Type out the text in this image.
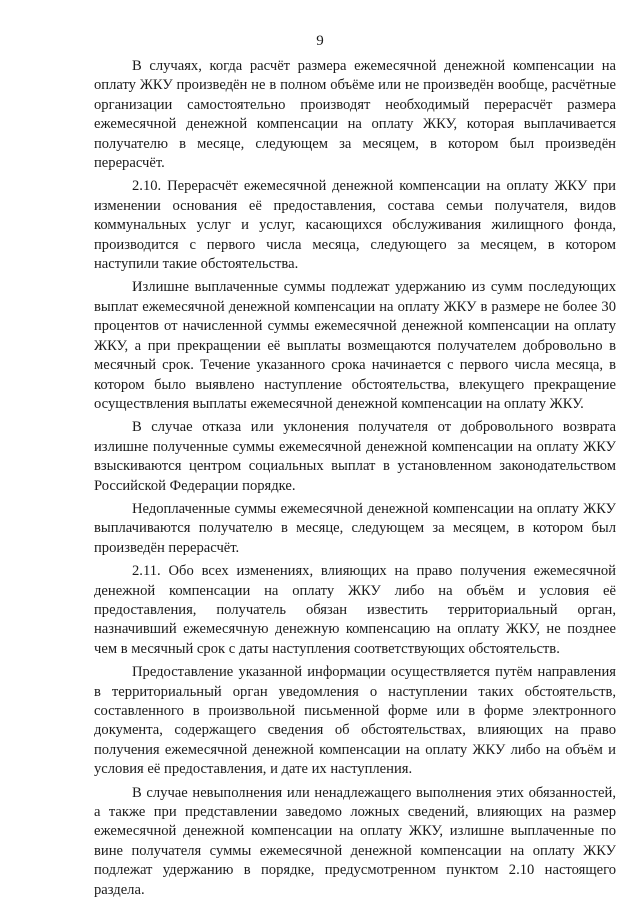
9

В случаях, когда расчёт размера ежемесячной денежной компенсации на оплату ЖКУ произведён не в полном объёме или не произведён вообще, расчётные организации самостоятельно производят необходимый перерасчёт размера ежемесячной денежной компенсации на оплату ЖКУ, которая выплачивается получателю в месяце, следующем за месяцем, в котором был произведён перерасчёт.

2.10. Перерасчёт ежемесячной денежной компенсации на оплату ЖКУ при изменении основания её предоставления, состава семьи получателя, видов коммунальных услуг и услуг, касающихся обслуживания жилищного фонда, производится с первого числа месяца, следующего за месяцем, в котором наступили такие обстоятельства.

Излишне выплаченные суммы подлежат удержанию из сумм последующих выплат ежемесячной денежной компенсации на оплату ЖКУ в размере не более 30 процентов от начисленной суммы ежемесячной денежной компенсации на оплату ЖКУ, а при прекращении её выплаты возмещаются получателем добровольно в месячный срок. Течение указанного срока начинается с первого числа месяца, в котором было выявлено наступление обстоятельства, влекущего прекращение осуществления выплаты ежемесячной денежной компенсации на оплату ЖКУ.

В случае отказа или уклонения получателя от добровольного возврата излишне полученные суммы ежемесячной денежной компенсации на оплату ЖКУ взыскиваются центром социальных выплат в установленном законодательством Российской Федерации порядке.

Недоплаченные суммы ежемесячной денежной компенсации на оплату ЖКУ выплачиваются получателю в месяце, следующем за месяцем, в котором был произведён перерасчёт.

2.11. Обо всех изменениях, влияющих на право получения ежемесячной денежной компенсации на оплату ЖКУ либо на объём и условия её предоставления, получатель обязан известить территориальный орган, назначивший ежемесячную денежную компенсацию на оплату ЖКУ, не позднее чем в месячный срок с даты наступления соответствующих обстоятельств.

Предоставление указанной информации осуществляется путём направления в территориальный орган уведомления о наступлении таких обстоятельств, составленного в произвольной письменной форме или в форме электронного документа, содержащего сведения об обстоятельствах, влияющих на право получения ежемесячной денежной компенсации на оплату ЖКУ либо на объём и условия её предоставления, и дате их наступления.

В случае невыполнения или ненадлежащего выполнения этих обязанностей, а также при представлении заведомо ложных сведений, влияющих на размер ежемесячной денежной компенсации на оплату ЖКУ, излишне выплаченные по вине получателя суммы ежемесячной денежной компенсации на оплату ЖКУ подлежат удержанию в порядке, предусмотренном пунктом 2.10 настоящего раздела.
